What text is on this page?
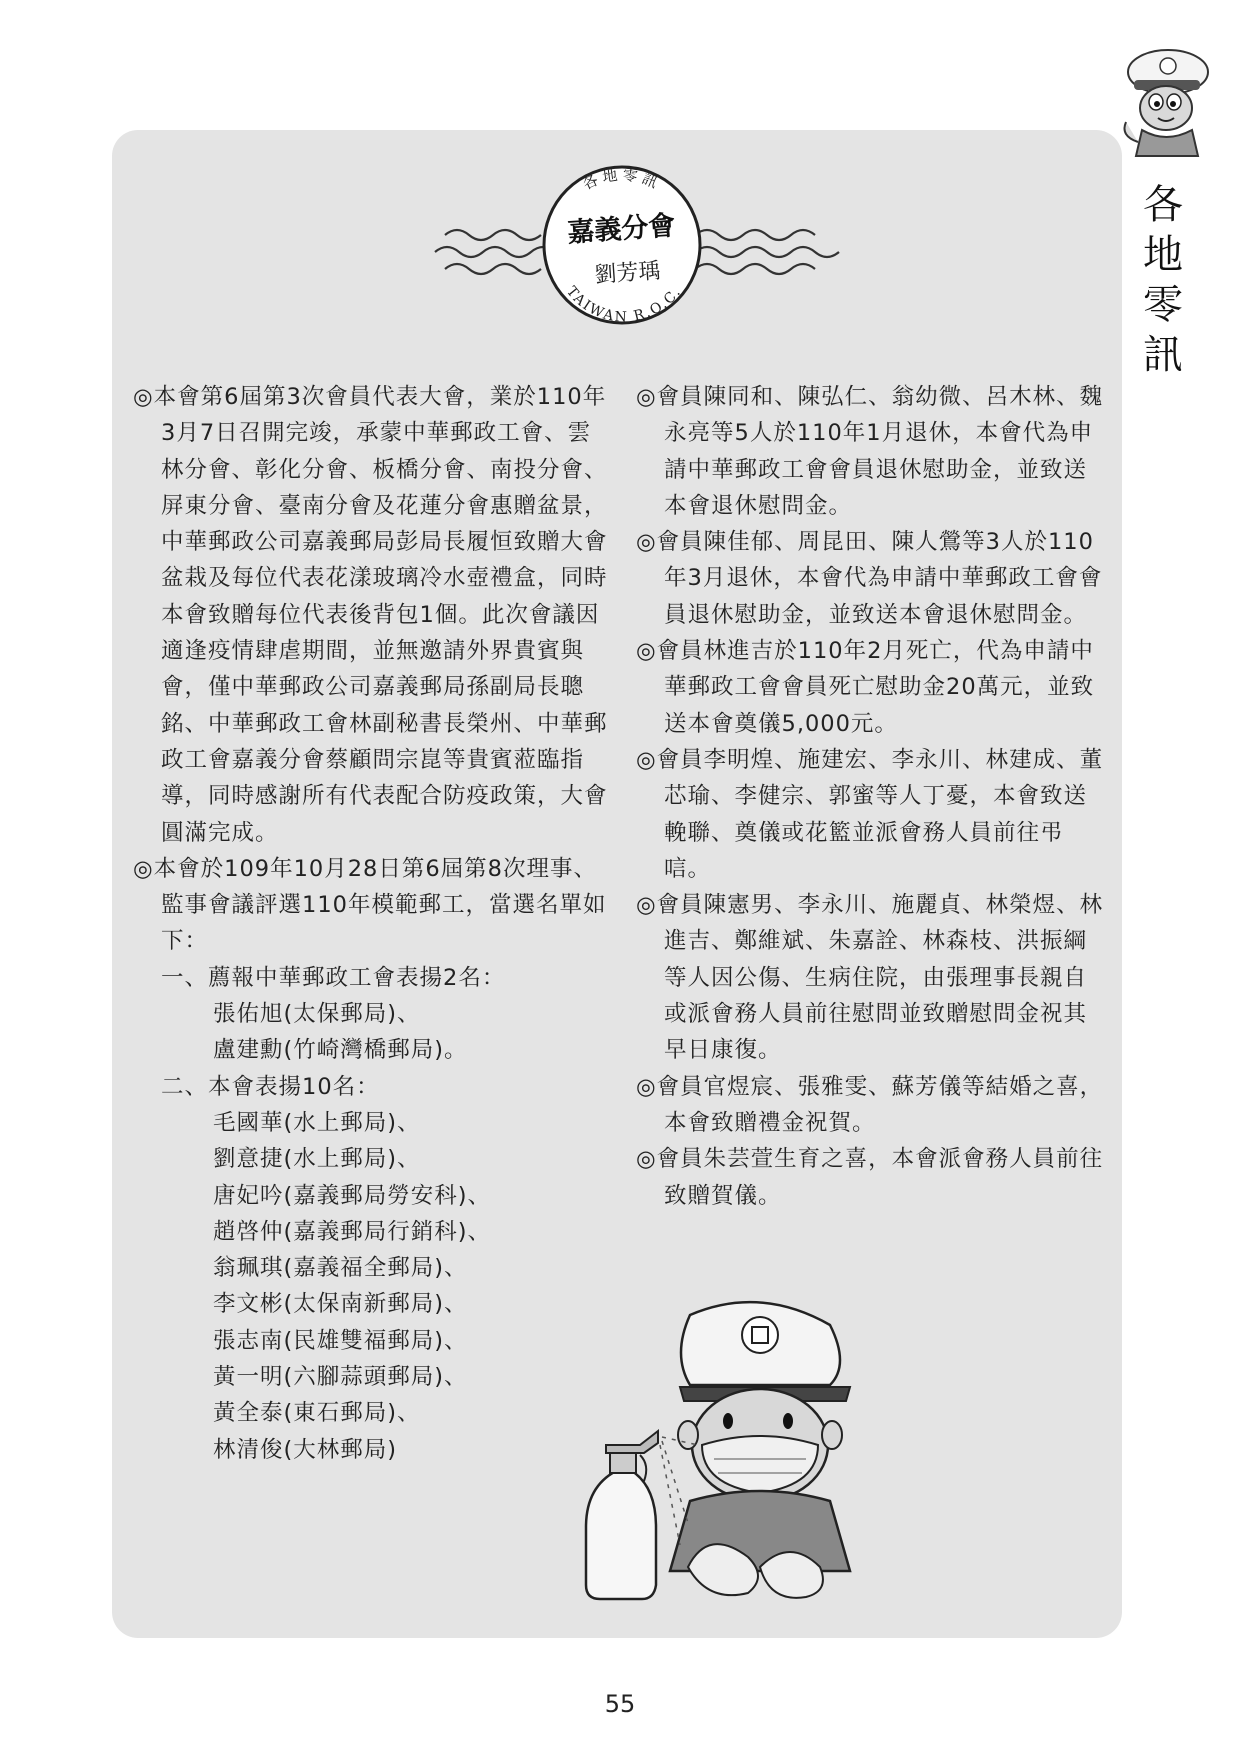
各地零訊
TAIWAN R.O.C.
嘉義分會
劉芳瑀
各
地
零
訊
◎本會第6屆第3次會員代表大會，業於110年3月7日召開完竣，承蒙中華郵政工會、雲林分會、彰化分會、板橋分會、南投分會、屏東分會、臺南分會及花蓮分會惠贈盆景，中華郵政公司嘉義郵局彭局長履恒致贈大會盆栽及每位代表花漾玻璃冷水壺禮盒，同時本會致贈每位代表後背包1個。此次會議因適逢疫情肆虐期間，並無邀請外界貴賓與會，僅中華郵政公司嘉義郵局孫副局長聰銘、中華郵政工會林副秘書長榮州、中華郵政工會嘉義分會蔡顧問宗崑等貴賓蒞臨指導，同時感謝所有代表配合防疫政策，大會圓滿完成。
◎本會於109年10月28日第6屆第8次理事、監事會議評選110年模範郵工，當選名單如下：
一、薦報中華郵政工會表揚2名：
張佑旭(太保郵局)、
盧建勳(竹崎灣橋郵局)。
二、本會表揚10名：
毛國華(水上郵局)、
劉意捷(水上郵局)、
唐妃吟(嘉義郵局勞安科)、
趙啓仲(嘉義郵局行銷科)、
翁珮琪(嘉義福全郵局)、
李文彬(太保南新郵局)、
張志南(民雄雙福郵局)、
黃一明(六腳蒜頭郵局)、
黃全泰(東石郵局)、
林清俊(大林郵局)
◎會員陳同和、陳弘仁、翁幼微、呂木林、魏永亮等5人於110年1月退休，本會代為申請中華郵政工會會員退休慰助金，並致送本會退休慰問金。
◎會員陳佳郁、周昆田、陳人鶯等3人於110年3月退休，本會代為申請中華郵政工會會員退休慰助金，並致送本會退休慰問金。
◎會員林進吉於110年2月死亡，代為申請中華郵政工會會員死亡慰助金20萬元，並致送本會奠儀5,000元。
◎會員李明煌、施建宏、李永川、林建成、董芯瑜、李健宗、郭蜜等人丁憂，本會致送輓聯、奠儀或花籃並派會務人員前往弔唁。
◎會員陳憲男、李永川、施麗貞、林榮煜、林進吉、鄭維斌、朱嘉詮、林森枝、洪振綱等人因公傷、生病住院，由張理事長親自或派會務人員前往慰問並致贈慰問金祝其早日康復。
◎會員官煜宸、張雅雯、蘇芳儀等結婚之喜，本會致贈禮金祝賀。
◎會員朱芸萱生育之喜，本會派會務人員前往致贈賀儀。
55
